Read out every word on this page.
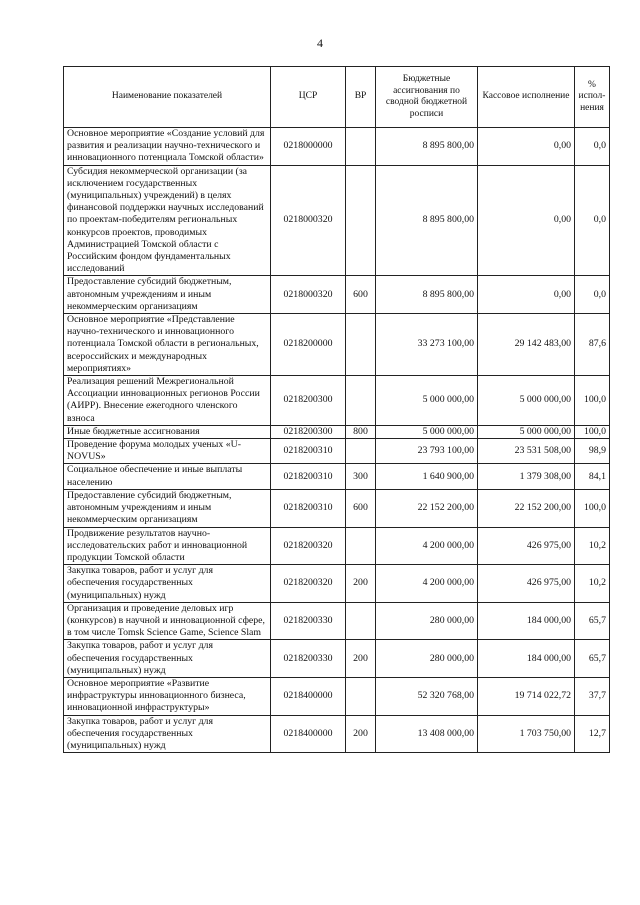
4
Наименование показателей	ЦСР	ВР	Бюджетные ассигнования по сводной бюджетной росписи	Кассовое исполнение	% испол-нения
Основное мероприятие «Создание условий для развития и реализации научно-технического и инновационного потенциала Томской области»	0218000000		8 895 800,00	0,00	0,0
Субсидия некоммерческой организации (за исключением государственных (муниципальных) учреждений) в целях финансовой поддержки научных исследований по проектам-победителям региональных конкурсов проектов, проводимых Администрацией Томской области с Российским фондом фундаментальных исследований	0218000320		8 895 800,00	0,00	0,0
Предоставление субсидий бюджетным, автономным учреждениям и иным некоммерческим организациям	0218000320	600	8 895 800,00	0,00	0,0
Основное мероприятие «Представление научно-технического и инновационного потенциала Томской области в региональных, всероссийских и международных мероприятиях»	0218200000		33 273 100,00	29 142 483,00	87,6
Реализация решений Межрегиональной Ассоциации инновационных регионов России (АИРР). Внесение ежегодного членского взноса	0218200300		5 000 000,00	5 000 000,00	100,0
Иные бюджетные ассигнования	0218200300	800	5 000 000,00	5 000 000,00	100,0
Проведение форума молодых ученых «U-NOVUS»	0218200310		23 793 100,00	23 531 508,00	98,9
Социальное обеспечение и иные выплаты населению	0218200310	300	1 640 900,00	1 379 308,00	84,1
Предоставление субсидий бюджетным, автономным учреждениям и иным некоммерческим организациям	0218200310	600	22 152 200,00	22 152 200,00	100,0
Продвижение результатов научно-исследовательских работ и инновационной продукции Томской области	0218200320		4 200 000,00	426 975,00	10,2
Закупка товаров, работ и услуг для обеспечения государственных (муниципальных) нужд	0218200320	200	4 200 000,00	426 975,00	10,2
Организация и проведение деловых игр (конкурсов) в научной и инновационной сфере, в том числе Tomsk Science Game, Science Slam	0218200330		280 000,00	184 000,00	65,7
Закупка товаров, работ и услуг для обеспечения государственных (муниципальных) нужд	0218200330	200	280 000,00	184 000,00	65,7
Основное мероприятие «Развитие инфраструктуры инновационного бизнеса, инновационной инфраструктуры»	0218400000		52 320 768,00	19 714 022,72	37,7
Закупка товаров, работ и услуг для обеспечения государственных (муниципальных) нужд	0218400000	200	13 408 000,00	1 703 750,00	12,7
